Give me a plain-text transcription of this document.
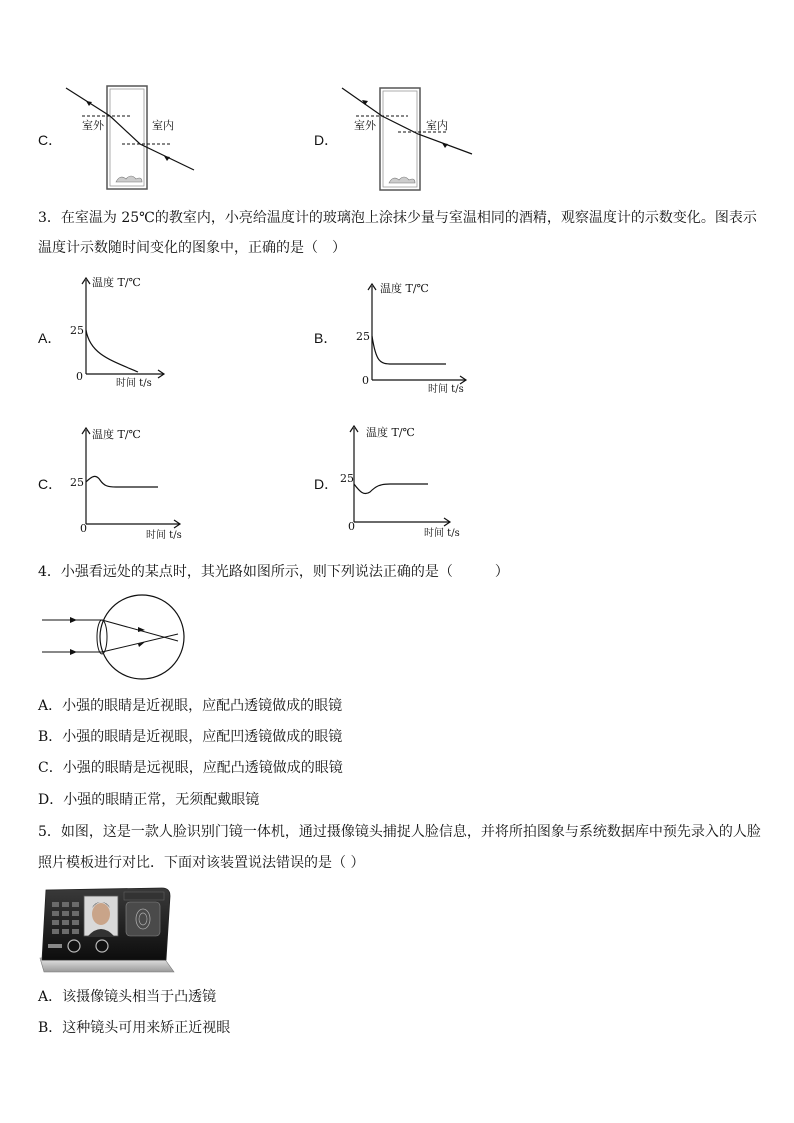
C．
室外	室内
D．
室外	室内
3．在室温为 25℃的教室内，小亮给温度计的玻璃泡上涂抹少量与室温相同的酒精，观察温度计的示数变化。图表示
温度计示数随时间变化的图象中，正确的是（　）
A．
温度 T/℃
25
0
时间 t/s
B．
温度 T/℃
25
0
时间 t/s
C．
温度 T/℃
25
0
时间 t/s
D．
温度 T/℃
25
0
时间 t/s
4．小强看远处的某点时，其光路如图所示，则下列说法正确的是（　　　）
A．小强的眼睛是近视眼，应配凸透镜做成的眼镜
B．小强的眼睛是近视眼，应配凹透镜做成的眼镜
C．小强的眼睛是远视眼，应配凸透镜做成的眼镜
D．小强的眼睛正常，无须配戴眼镜
5．如图，这是一款人脸识别门镜一体机，通过摄像镜头捕捉人脸信息，并将所拍图象与系统数据库中预先录入的人脸
照片模板进行对比．下面对该装置说法错误的是（ ）
A．该摄像镜头相当于凸透镜
B．这种镜头可用来矫正近视眼
